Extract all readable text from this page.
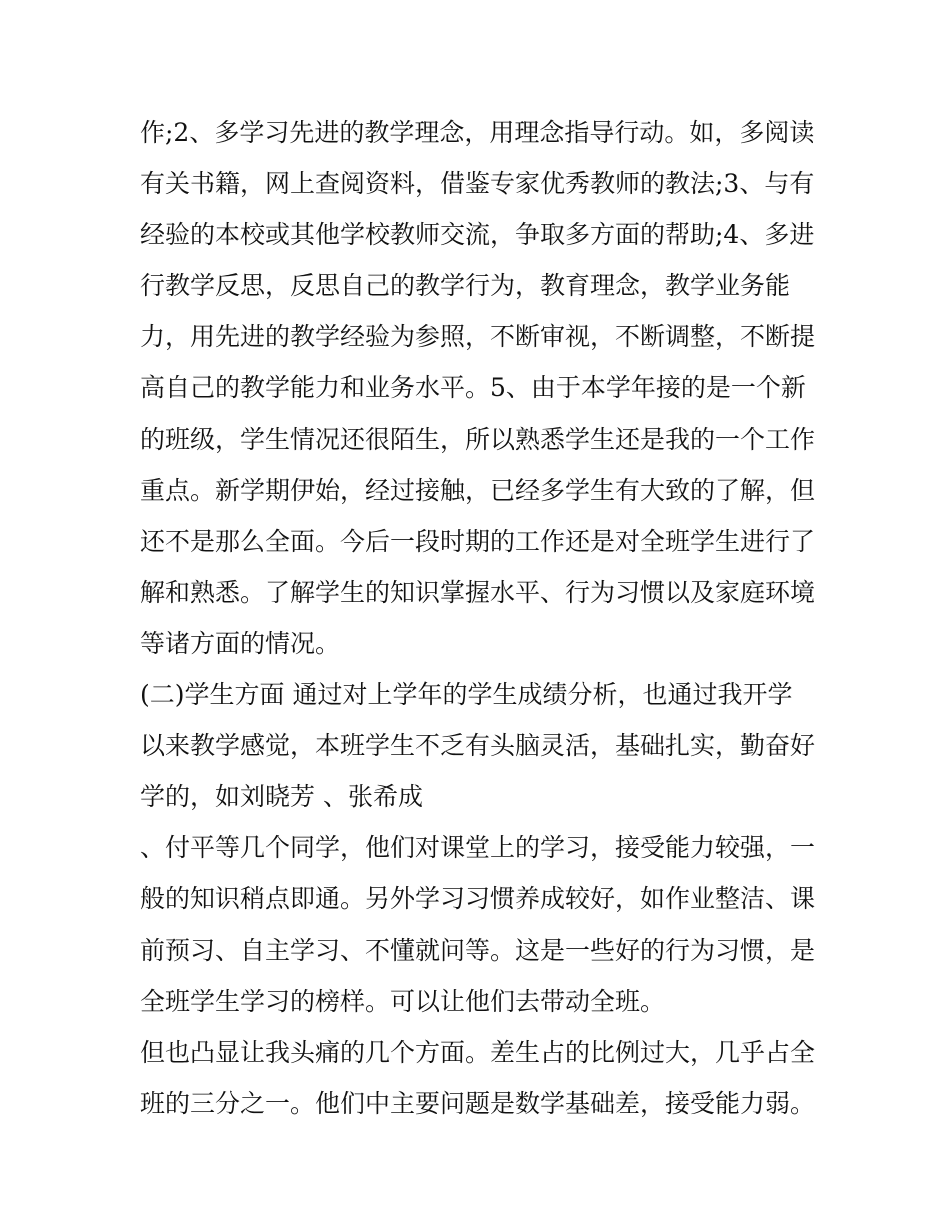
作;2、多学习先进的教学理念，用理念指导行动。如，多阅读
有关书籍，网上查阅资料，借鉴专家优秀教师的教法;3、与有
经验的本校或其他学校教师交流，争取多方面的帮助;4、多进
行教学反思，反思自己的教学行为，教育理念，教学业务能
力，用先进的教学经验为参照，不断审视，不断调整，不断提
高自己的教学能力和业务水平。5、由于本学年接的是一个新
的班级，学生情况还很陌生，所以熟悉学生还是我的一个工作
重点。新学期伊始，经过接触，已经多学生有大致的了解，但
还不是那么全面。今后一段时期的工作还是对全班学生进行了
解和熟悉。了解学生的知识掌握水平、行为习惯以及家庭环境
等诸方面的情况。
(二)学生方面 通过对上学年的学生成绩分析，也通过我开学
以来教学感觉，本班学生不乏有头脑灵活，基础扎实，勤奋好
学的，如刘晓芳 、张希成
、付平等几个同学，他们对课堂上的学习，接受能力较强，一
般的知识稍点即通。另外学习习惯养成较好，如作业整洁、课
前预习、自主学习、不懂就问等。这是一些好的行为习惯，是
全班学生学习的榜样。可以让他们去带动全班。
但也凸显让我头痛的几个方面。差生占的比例过大，几乎占全
班的三分之一。他们中主要问题是数学基础差，接受能力弱。
